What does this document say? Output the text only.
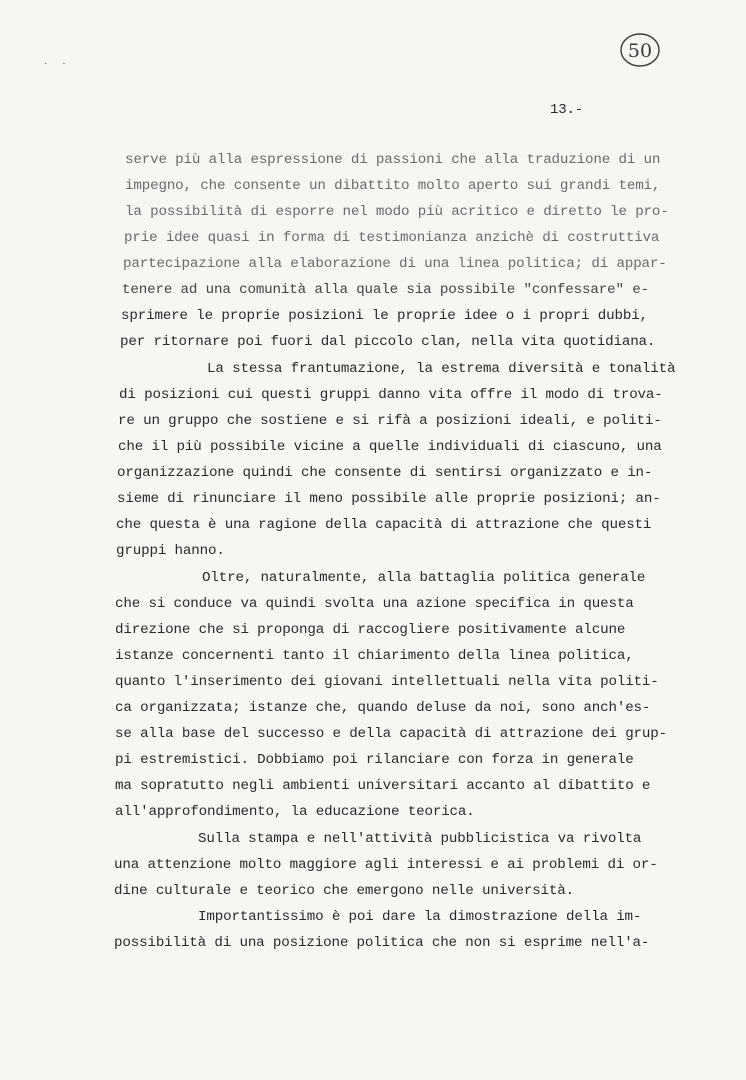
. .	50
13.-
serve più alla espressione di passioni che alla traduzione di un
impegno, che consente un dibattito molto aperto sui grandi temi,
la possibilità di esporre nel modo più acritico e diretto le pro-
prie idee quasi in forma di testimonianza anzichè di costruttiva
partecipazione alla elaborazione di una linea politica; di appar-
tenere ad una comunità alla quale sia possibile "confessare" e-
sprimere le proprie posizioni le proprie idee o i propri dubbi,
per ritornare poi fuori dal piccolo clan, nella vita quotidiana.
La stessa frantumazione, la estrema diversità e tonalità
di posizioni cui questi gruppi danno vita offre il modo di trova-
re un gruppo che sostiene e si rifà a posizioni ideali, e politi-
che il più possibile vicine a quelle individuali di ciascuno, una
organizzazione quindi che consente di sentirsi organizzato e in-
sieme di rinunciare il meno possibile alle proprie posizioni; an-
che questa è una ragione della capacità di attrazione che questi
gruppi hanno.
Oltre, naturalmente, alla battaglia politica generale
che si conduce va quindi svolta una azione specifica in questa
direzione che si proponga di raccogliere positivamente alcune
istanze concernenti tanto il chiarimento della linea politica,
quanto l'inserimento dei giovani intellettuali nella vita politi-
ca organizzata; istanze che, quando deluse da noi, sono anch'es-
se alla base del successo e della capacità di attrazione dei grup-
pi estremistici. Dobbiamo poi rilanciare con forza in generale
ma sopratutto negli ambienti universitari accanto al dibattito e
all'approfondimento, la educazione teorica.
Sulla stampa e nell'attività pubblicistica va rivolta
una attenzione molto maggiore agli interessi e ai problemi di or-
dine culturale e teorico che emergono nelle università.
Importantissimo è poi dare la dimostrazione della im-
possibilità di una posizione politica che non si esprime nell'a-
